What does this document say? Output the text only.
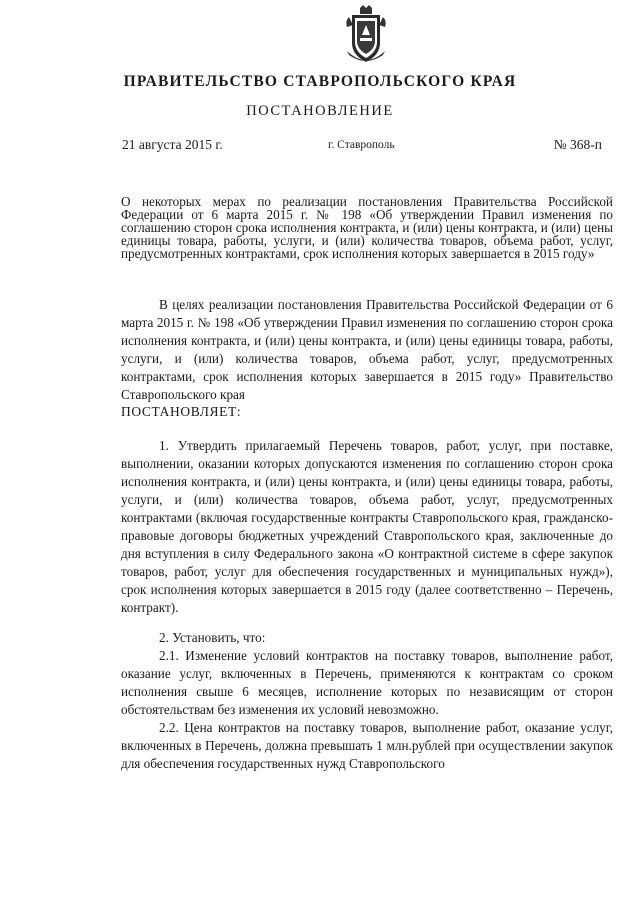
ПРАВИТЕЛЬСТВО СТАВРОПОЛЬСКОГО КРАЯ
ПОСТАНОВЛЕНИЕ
21 августа 2015 г.	г. Ставрополь	№ 368-п
О некоторых мерах по реализации постановления Правительства Российской Федерации от 6 марта 2015 г. № 198 «Об утверждении Правил изменения по соглашению сторон срока исполнения контракта, и (или) цены контракта, и (или) цены единицы товара, работы, услуги, и (или) количества товаров, объема работ, услуг, предусмотренных контрактами, срок исполнения которых завершается в 2015 году»
В целях реализации постановления Правительства Российской Федерации от 6 марта 2015 г. № 198 «Об утверждении Правил изменения по соглашению сторон срока исполнения контракта, и (или) цены контракта, и (или) цены единицы товара, работы, услуги, и (или) количества товаров, объема работ, услуг, предусмотренных контрактами, срок исполнения которых завершается в 2015 году» Правительство Ставропольского края
ПОСТАНОВЛЯЕТ:
1. Утвердить прилагаемый Перечень товаров, работ, услуг, при поставке, выполнении, оказании которых допускаются изменения по соглашению сторон срока исполнения контракта, и (или) цены контракта, и (или) цены единицы товара, работы, услуги, и (или) количества товаров, объема работ, услуг, предусмотренных контрактами (включая государственные контракты Ставропольского края, гражданско-правовые договоры бюджетных учреждений Ставропольского края, заключенные до дня вступления в силу Федерального закона «О контрактной системе в сфере закупок товаров, работ, услуг для обеспечения государственных и муниципальных нужд»), срок исполнения которых завершается в 2015 году (далее соответственно – Перечень, контракт).
2. Установить, что:
2.1. Изменение условий контрактов на поставку товаров, выполнение работ, оказание услуг, включенных в Перечень, применяются к контрактам со сроком исполнения свыше 6 месяцев, исполнение которых по независящим от сторон обстоятельствам без изменения их условий невозможно.
2.2. Цена контрактов на поставку товаров, выполнение работ, оказание услуг, включенных в Перечень, должна превышать 1 млн.рублей при осуществлении закупок для обеспечения государственных нужд Ставропольского
